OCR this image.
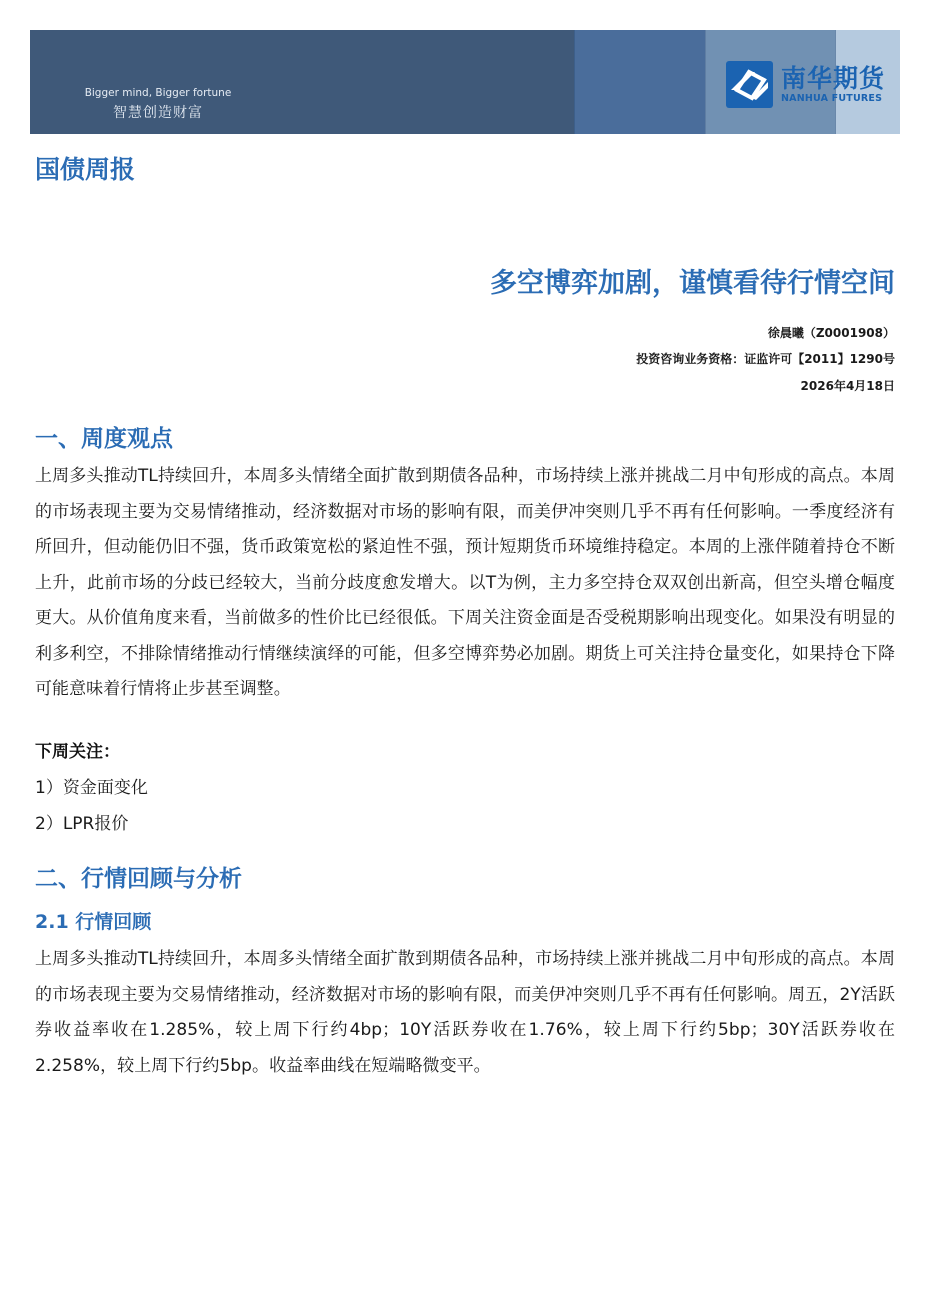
Bigger mind, Bigger fortune
智慧创造财富
南华期货
NANHUA FUTURES
国债周报
多空博弈加剧，谨慎看待行情空间
徐晨曦（Z0001908）
投资咨询业务资格：证监许可【2011】1290号
2026年4月18日
一、周度观点
上周多头推动TL持续回升，本周多头情绪全面扩散到期债各品种，市场持续上涨并挑战二月中旬形成的高点。本周的市场表现主要为交易情绪推动，经济数据对市场的影响有限，而美伊冲突则几乎不再有任何影响。一季度经济有所回升，但动能仍旧不强，货币政策宽松的紧迫性不强，预计短期货币环境维持稳定。本周的上涨伴随着持仓不断上升，此前市场的分歧已经较大，当前分歧度愈发增大。以T为例，主力多空持仓双双创出新高，但空头增仓幅度更大。从价值角度来看，当前做多的性价比已经很低。下周关注资金面是否受税期影响出现变化。如果没有明显的利多利空，不排除情绪推动行情继续演绎的可能，但多空博弈势必加剧。期货上可关注持仓量变化，如果持仓下降可能意味着行情将止步甚至调整。
下周关注：
1）资金面变化
2）LPR报价
二、行情回顾与分析
2.1 行情回顾
上周多头推动TL持续回升，本周多头情绪全面扩散到期债各品种，市场持续上涨并挑战二月中旬形成的高点。本周的市场表现主要为交易情绪推动，经济数据对市场的影响有限，而美伊冲突则几乎不再有任何影响。周五，2Y活跃券收益率收在1.285%，较上周下行约4bp；10Y活跃券收在1.76%，较上周下行约5bp；30Y活跃券收在2.258%，较上周下行约5bp。收益率曲线在短端略微变平。
